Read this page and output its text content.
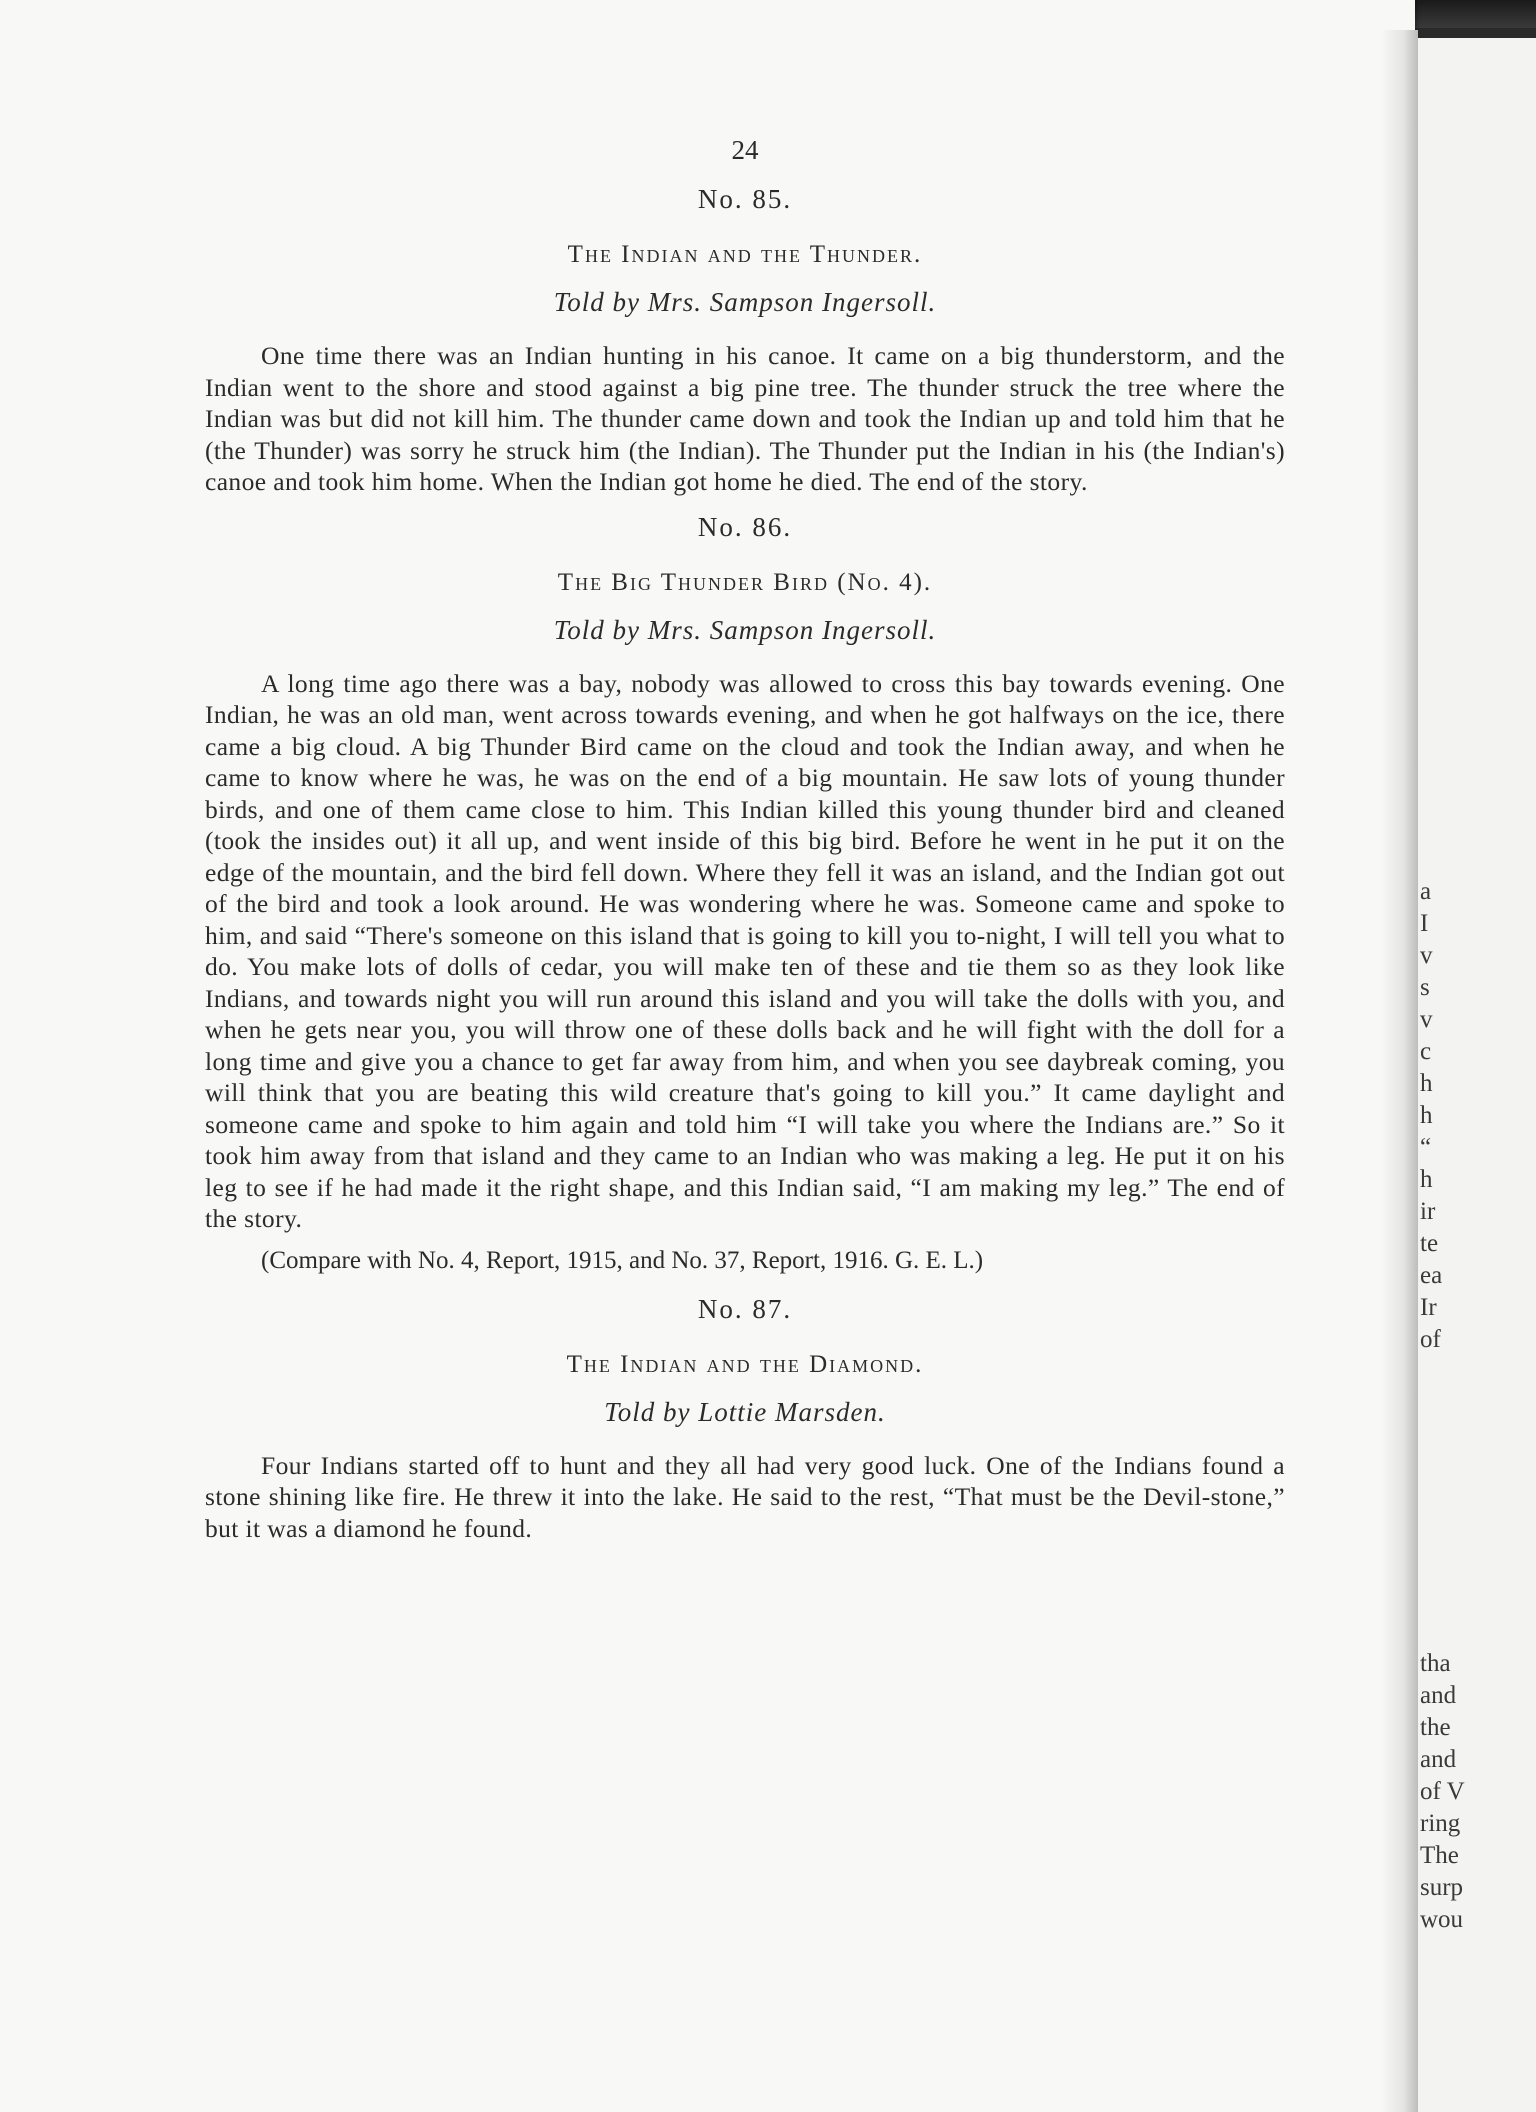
24
No. 85.
The Indian and the Thunder.
Told by Mrs. Sampson Ingersoll.

One time there was an Indian hunting in his canoe. It came on a big thunderstorm, and the Indian went to the shore and stood against a big pine tree. The thunder struck the tree where the Indian was but did not kill him. The thunder came down and took the Indian up and told him that he (the Thunder) was sorry he struck him (the Indian). The Thunder put the Indian in his (the Indian's) canoe and took him home. When the Indian got home he died. The end of the story.

No. 86.
The Big Thunder Bird (No. 4).
Told by Mrs. Sampson Ingersoll.

A long time ago there was a bay, nobody was allowed to cross this bay towards evening. One Indian, he was an old man, went across towards evening, and when he got halfways on the ice, there came a big cloud. A big Thunder Bird came on the cloud and took the Indian away, and when he came to know where he was, he was on the end of a big mountain. He saw lots of young thunder birds, and one of them came close to him. This Indian killed this young thunder bird and cleaned (took the insides out) it all up, and went inside of this big bird. Before he went in he put it on the edge of the mountain, and the bird fell down. Where they fell it was an island, and the Indian got out of the bird and took a look around. He was wondering where he was. Someone came and spoke to him, and said “There's someone on this island that is going to kill you to-night, I will tell you what to do. You make lots of dolls of cedar, you will make ten of these and tie them so as they look like Indians, and towards night you will run around this island and you will take the dolls with you, and when he gets near you, you will throw one of these dolls back and he will fight with the doll for a long time and give you a chance to get far away from him, and when you see daybreak coming, you will think that you are beating this wild creature that's going to kill you.” It came daylight and someone came and spoke to him again and told him “I will take you where the Indians are.” So it took him away from that island and they came to an Indian who was making a leg. He put it on his leg to see if he had made it the right shape, and this Indian said, “I am making my leg.” The end of the story.

(Compare with No. 4, Report, 1915, and No. 37, Report, 1916. G. E. L.)

No. 87.
The Indian and the Diamond.
Told by Lottie Marsden.

Four Indians started off to hunt and they all had very good luck. One of the Indians found a stone shining like fire. He threw it into the lake. He said to the rest, “That must be the Devil-stone,” but it was a diamond he found.

a
I
v
s
v
c
h
h
“
h
ir
te
ea
Ir
of
tha
and
the
and
of V
ring
The
surp
wou
